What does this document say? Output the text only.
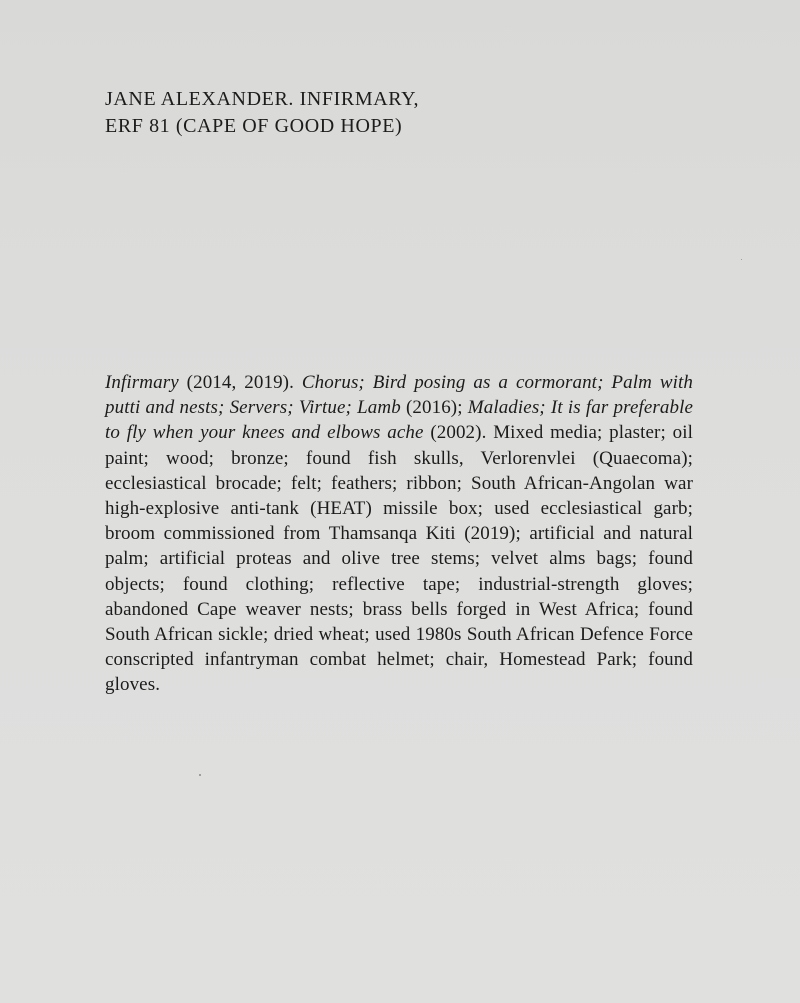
JANE ALEXANDER. INFIRMARY,
ERF 81 (CAPE OF GOOD HOPE)

Infirmary (2014, 2019). Chorus; Bird posing as a cormorant; Palm with putti and nests; Servers; Virtue; Lamb (2016); Maladies; It is far preferable to fly when your knees and elbows ache (2002). Mixed media; plaster; oil paint; wood; bronze; found fish skulls, Verlorenvlei (Quaecoma); ecclesiastical brocade; felt; feathers; ribbon; South African-Angolan war high-explosive anti-tank (HEAT) missile box; used ecclesiastical garb; broom commissioned from Thamsanqa Kiti (2019); artificial and natural palm; artificial proteas and olive tree stems; velvet alms bags; found objects; found clothing; reflective tape; industrial-strength gloves; abandoned Cape weaver nests; brass bells forged in West Africa; found South African sickle; dried wheat; used 1980s South African Defence Force conscripted infantryman combat helmet; chair, Homestead Park; found gloves.
